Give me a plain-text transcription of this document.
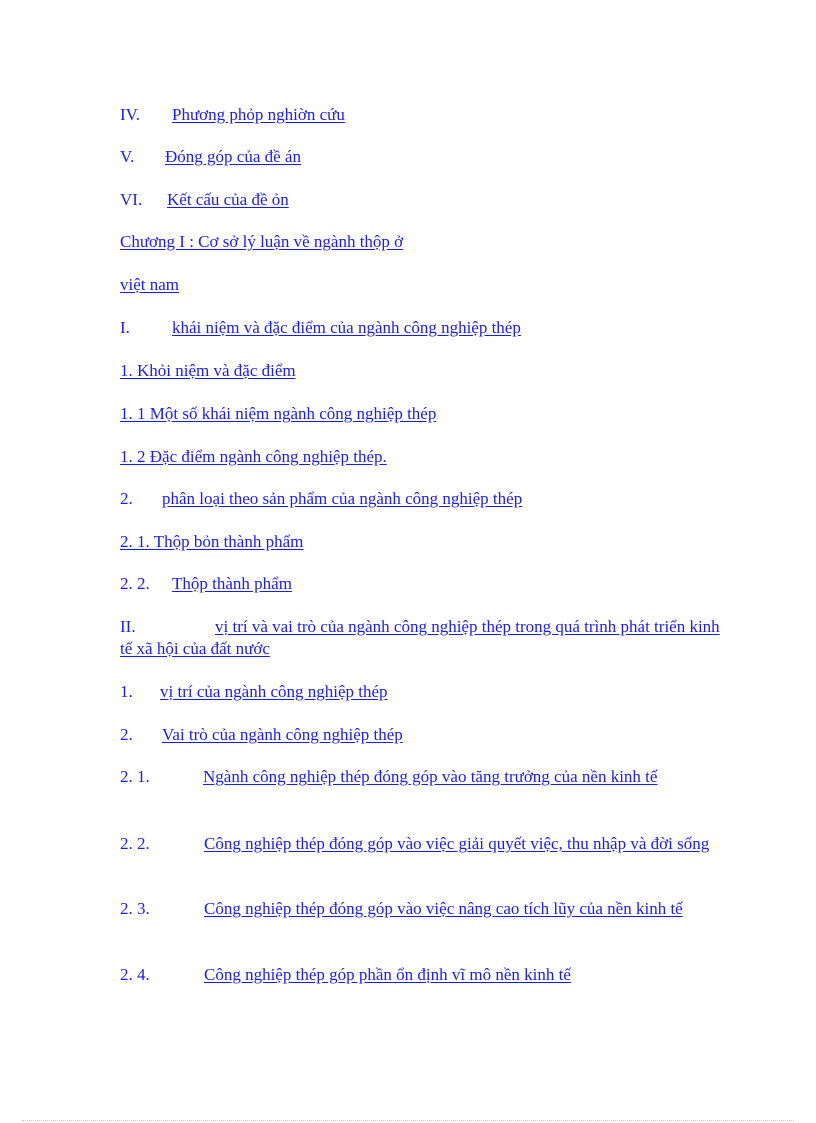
IV. Phương phỏp nghiờn cứu
V. Đóng góp của đề án
VI. Kết cấu của đề ỏn
Chương I : Cơ sở lý luận về ngành thộp ở
việt nam
I. khái niệm và đặc điểm của ngành công nghiệp thép
1. Khỏi niệm và đặc điểm
1. 1 Một số khái niệm ngành công nghiệp thép
1. 2 Đặc điểm ngành công nghiệp thép.
2. phân loại theo sản phẩm của ngành công nghiệp thép
2. 1. Thộp bỏn thành phẩm
2. 2. Thộp thành phẩm
II.	vị trí và vai trò của ngành công nghiệp thép trong quá trình phát triển kinh tế xã hội của đất nước
1. vị trí của ngành công nghiệp thép
2. Vai trò của ngành công nghiệp thép
2. 1.	Ngành công nghiệp thép đóng góp vào tăng trưởng của nền kinh tế
2. 2.	Công nghiệp thép đóng góp vào việc giải quyết việc, thu nhập và đời sống
2. 3.	Công nghiệp thép đóng góp vào việc nâng cao tích lũy của nền kinh tế
2. 4.	Công nghiệp thép góp phần ổn định vĩ mô nền kinh tế
